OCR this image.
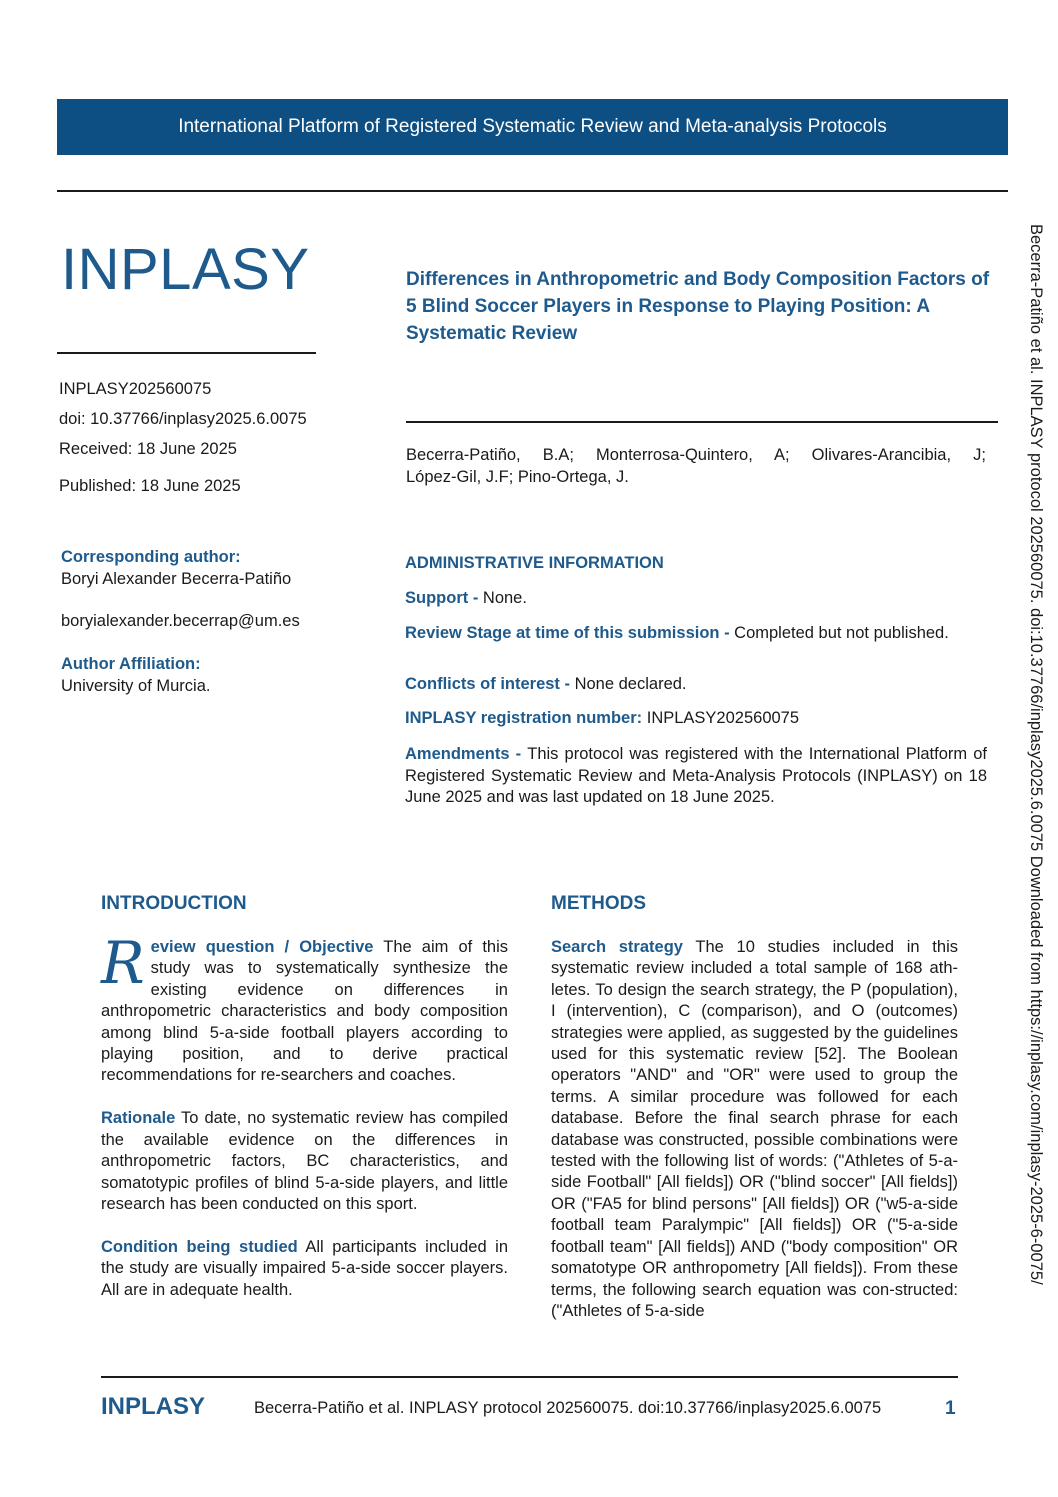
International Platform of Registered Systematic Review and Meta-analysis Protocols
Becerra-Patiño et al. INPLASY protocol 202560075. doi:10.37766/inplasy2025.6.0075 Downloaded from https://inplasy.com/inplasy-2025-6-0075/
INPLASY
INPLASY202560075
doi: 10.37766/inplasy2025.6.0075
Received: 18 June 2025
Published: 18 June 2025
Differences in Anthropometric and Body Composition Factors of 5 Blind Soccer Players in Response to Playing Position: A Systematic Review
Becerra-Patiño, B.A; Monterrosa-Quintero, A; Olivares-Arancibia, J;
López-Gil, J.F; Pino-Ortega, J.
Corresponding author:
Boryi Alexander Becerra-Patiño
boryialexander.becerrap@um.es
Author Affiliation:
University of Murcia.
ADMINISTRATIVE INFORMATION
Support - None.
Review Stage at time of this submission - Completed but not published.
Conflicts of interest - None declared.
INPLASY registration number: INPLASY202560075
Amendments - This protocol was registered with the International Platform of Registered Systematic Review and Meta-Analysis Protocols (INPLASY) on 18 June 2025 and was last updated on 18 June 2025.
INTRODUCTION

Review question / Objective The aim of this study was to systematically synthesize the existing evidence on differences in anthropometric characteristics and body composition among blind 5-a-side football players according to playing position, and to derive practical recommendations for re-searchers and coaches.

Rationale To date, no systematic review has compiled the available evidence on the differences in anthropometric factors, BC characteristics, and somatotypic profiles of blind 5-a-side players, and little research has been conducted on this sport.

Condition being studied All participants included in the study are visually impaired 5-a-side soccer players. All are in adequate health.

METHODS

Search strategy The 10 studies included in this systematic review included a total sample of 168 ath-letes. To design the search strategy, the P (population), I (intervention), C (comparison), and O (outcomes) strategies were applied, as suggested by the guidelines used for this systematic review [52]. The Boolean operators "AND" and "OR" were used to group the terms. A similar procedure was followed for each database. Before the final search phrase for each database was constructed, possible combinations were tested with the following list of words: ("Athletes of 5-a-side Football" [All fields]) OR ("blind soccer" [All fields]) OR ("FA5 for blind persons" [All fields]) OR ("w5-a-side football team Paralympic" [All fields]) OR ("5-a-side football team" [All fields]) AND ("body composition" OR somatotype OR anthropometry [All fields]). From these terms, the following search equation was con-structed: ("Athletes of 5-a-side

INPLASY	Becerra-Patiño et al. INPLASY protocol 202560075. doi:10.37766/inplasy2025.6.0075	1
